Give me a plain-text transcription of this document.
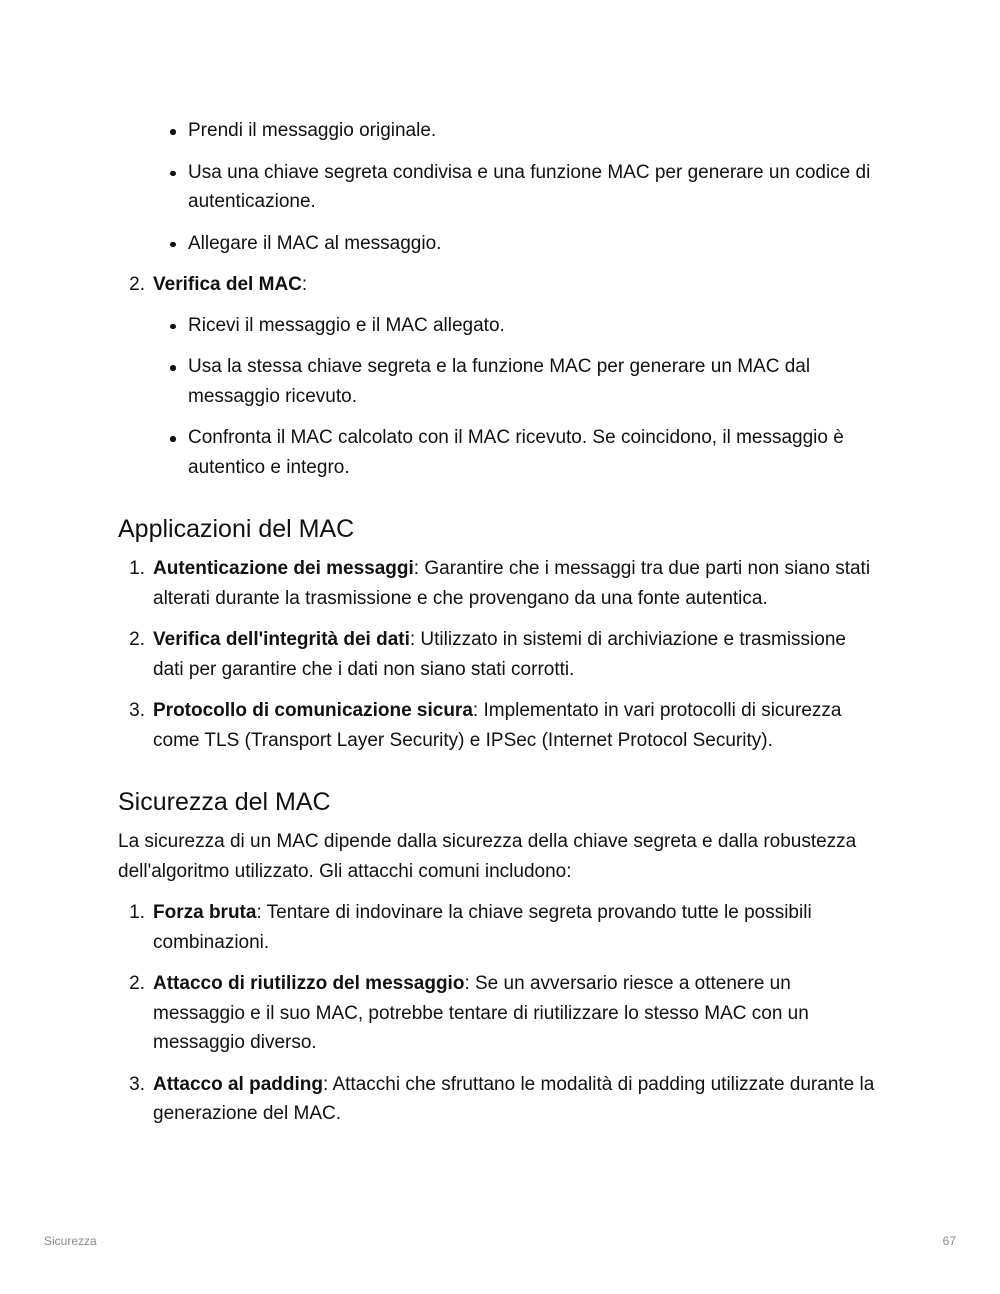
Prendi il messaggio originale.
Usa una chiave segreta condivisa e una funzione MAC per generare un codice di autenticazione.
Allegare il MAC al messaggio.
2. Verifica del MAC:
Ricevi il messaggio e il MAC allegato.
Usa la stessa chiave segreta e la funzione MAC per generare un MAC dal messaggio ricevuto.
Confronta il MAC calcolato con il MAC ricevuto. Se coincidono, il messaggio è autentico e integro.
Applicazioni del MAC
1. Autenticazione dei messaggi: Garantire che i messaggi tra due parti non siano stati alterati durante la trasmissione e che provengano da una fonte autentica.
2. Verifica dell'integrità dei dati: Utilizzato in sistemi di archiviazione e trasmissione dati per garantire che i dati non siano stati corrotti.
3. Protocollo di comunicazione sicura: Implementato in vari protocolli di sicurezza come TLS (Transport Layer Security) e IPSec (Internet Protocol Security).
Sicurezza del MAC

La sicurezza di un MAC dipende dalla sicurezza della chiave segreta e dalla robustezza dell'algoritmo utilizzato. Gli attacchi comuni includono:

1. Forza bruta: Tentare di indovinare la chiave segreta provando tutte le possibili combinazioni.
2. Attacco di riutilizzo del messaggio: Se un avversario riesce a ottenere un messaggio e il suo MAC, potrebbe tentare di riutilizzare lo stesso MAC con un messaggio diverso.
3. Attacco al padding: Attacchi che sfruttano le modalità di padding utilizzate durante la generazione del MAC.
Sicurezza	67
